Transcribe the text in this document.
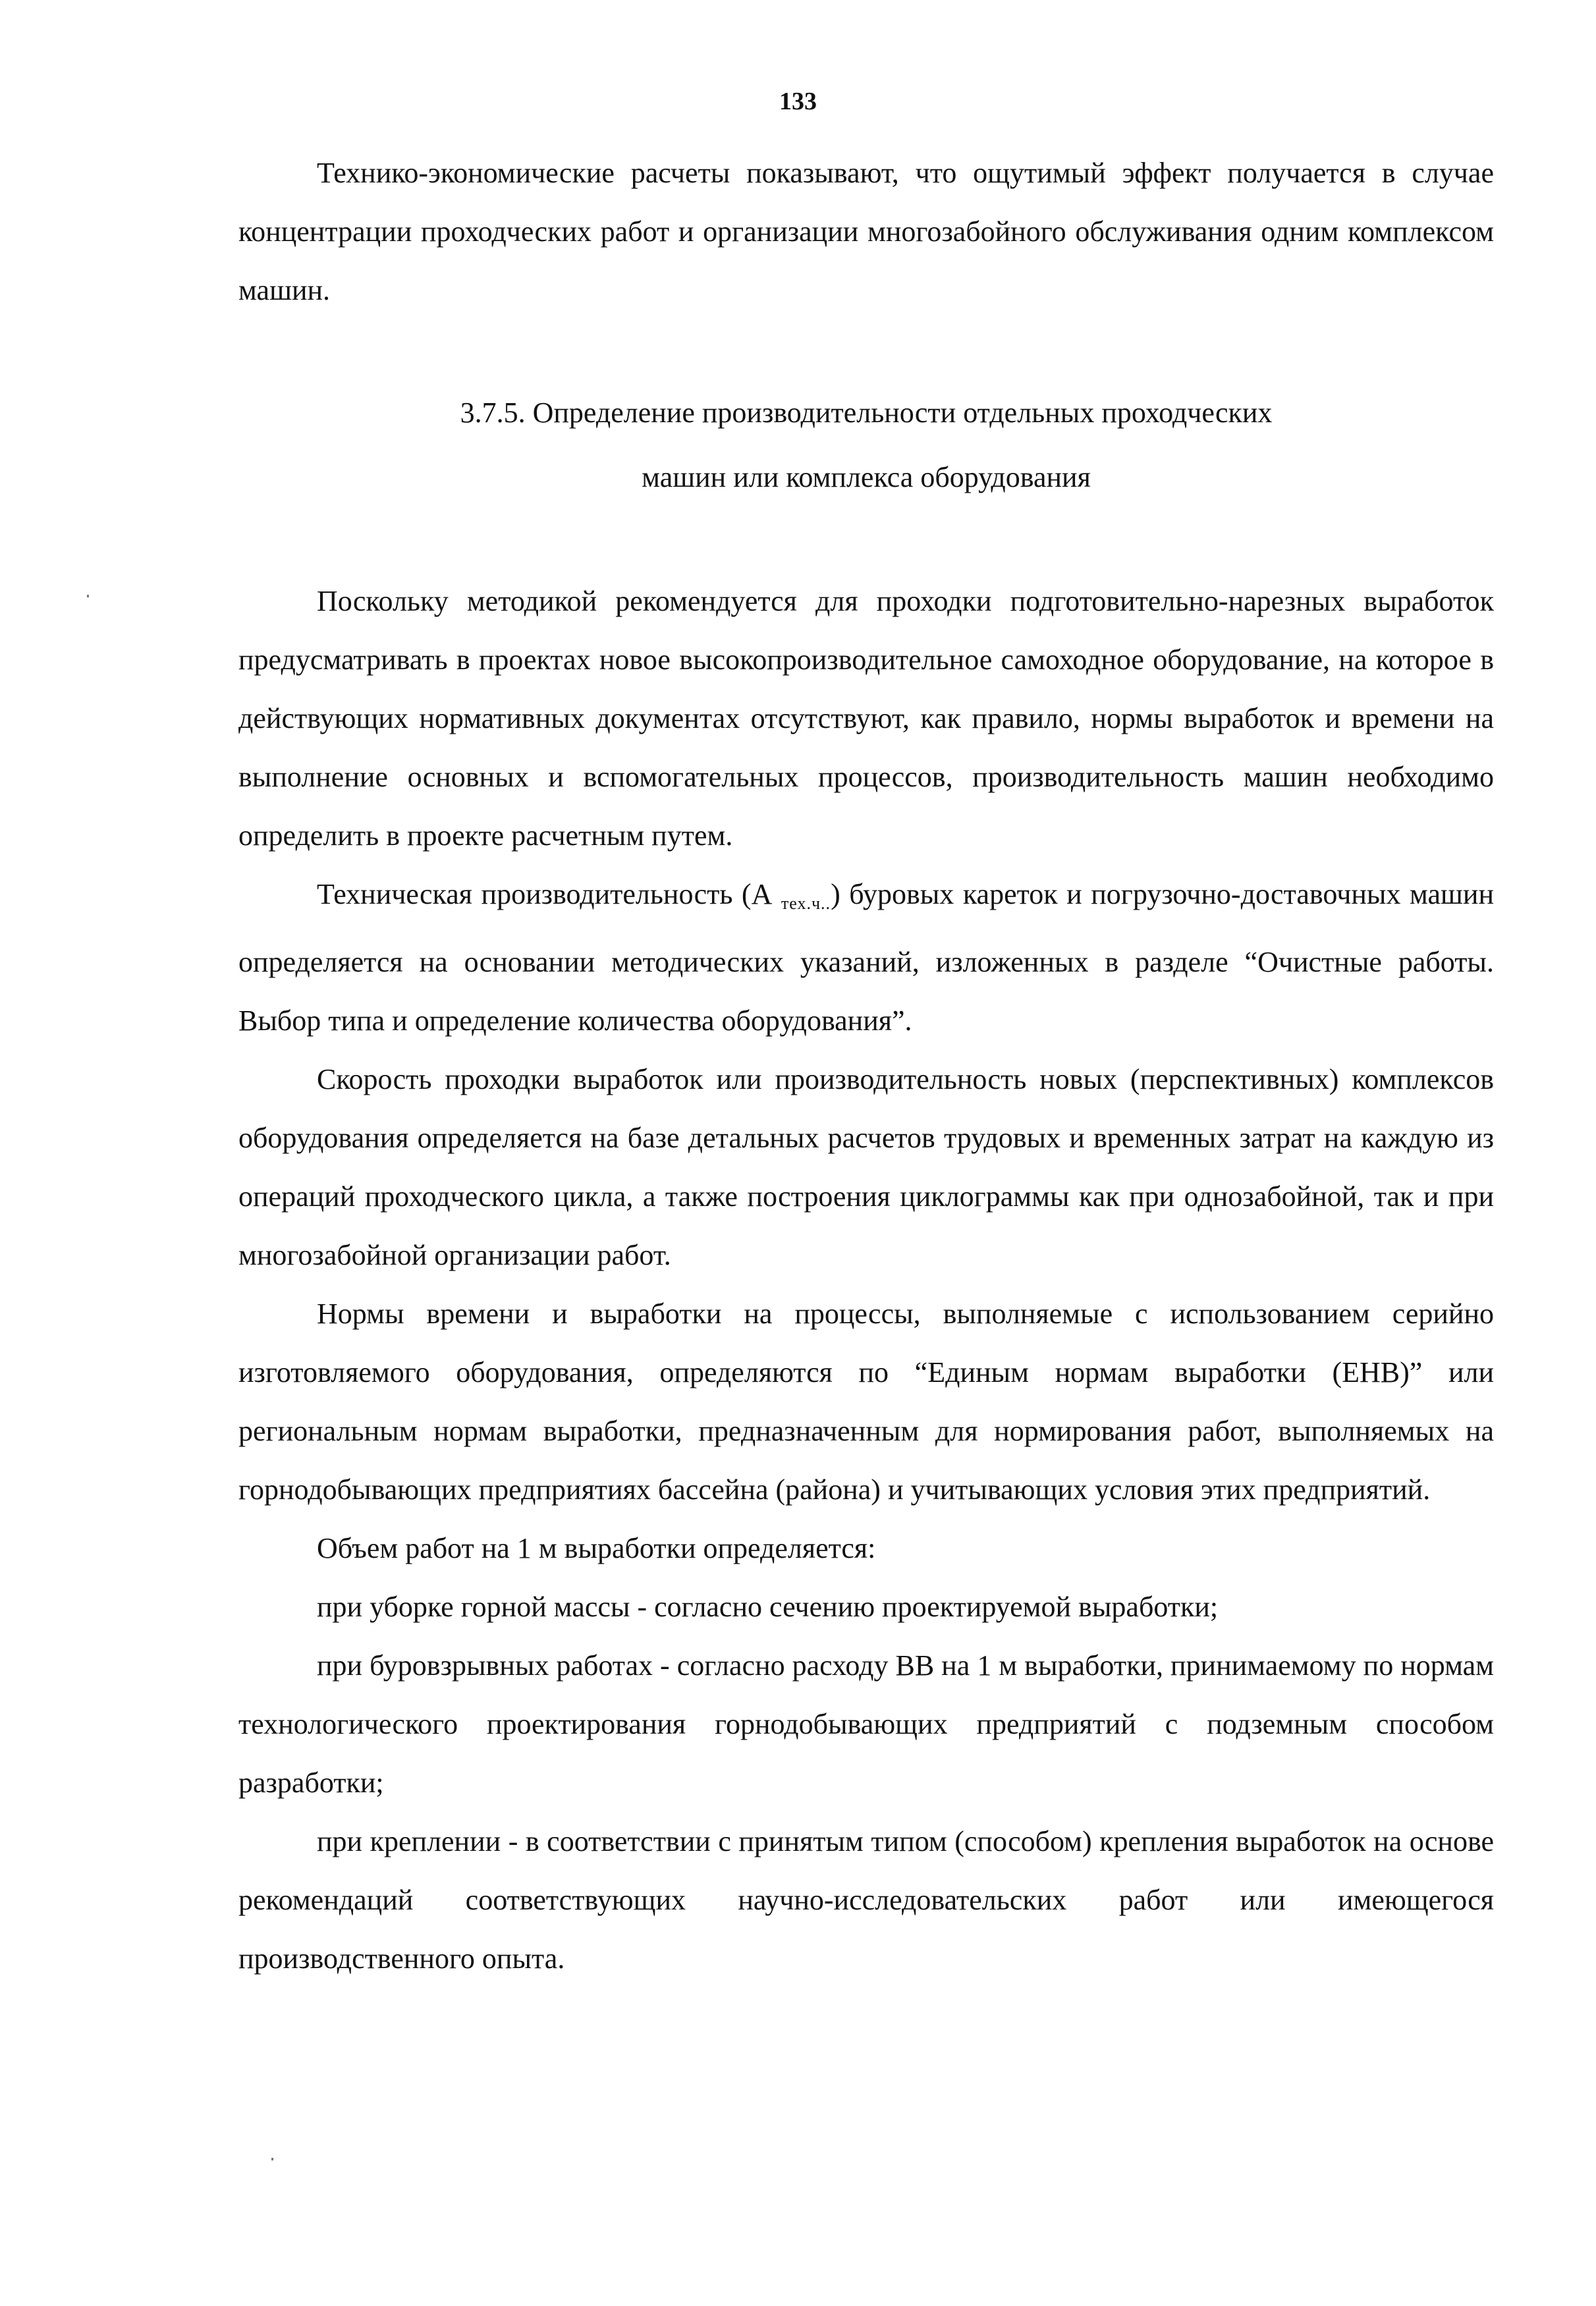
133

Технико-экономические расчеты показывают, что ощутимый эффект получается в случае концентрации проходческих работ и организации многозабойного обслуживания одним комплексом машин.

3.7.5. Определение производительности отдельных проходческих
машин или комплекса оборудования

Поскольку методикой рекомендуется для проходки подготовительно-нарезных выработок предусматривать в проектах новое высокопроизводительное самоходное оборудование, на которое в действующих нормативных документах отсутствуют, как правило, нормы выработок и времени на выполнение основных и вспомогательных процессов, производительность машин необходимо определить в проекте расчетным путем.

Техническая производительность (А $_{тех.ч..}$) буровых кареток и погрузочно-доставочных машин определяется на основании методических указаний, изложенных в разделе “Очистные работы. Выбор типа и определение количества оборудования”.

Скорость проходки выработок или производительность новых (перспективных) комплексов оборудования определяется на базе детальных расчетов трудовых и временных затрат на каждую из операций проходческого цикла, а также построения циклограммы как при однозабойной, так и при многозабойной организации работ.

Нормы времени и выработки на процессы, выполняемые с использованием серийно изготовляемого оборудования, определяются по “Единым нормам выработки (ЕНВ)” или региональным нормам выработки, предназначенным для нормирования работ, выполняемых на горнодобывающих предприятиях бассейна (района) и учитывающих условия этих предприятий.

Объем работ на 1 м выработки определяется:

при уборке горной массы - согласно сечению проектируемой выработки;

при буровзрывных работах - согласно расходу ВВ на 1 м выработки, принимаемому по нормам технологического проектирования горнодобывающих предприятий с подземным способом разработки;

при креплении - в соответствии с принятым типом (способом) крепления выработок на основе рекомендаций соответствующих научно-исследовательских работ или имеющегося производственного опыта.
